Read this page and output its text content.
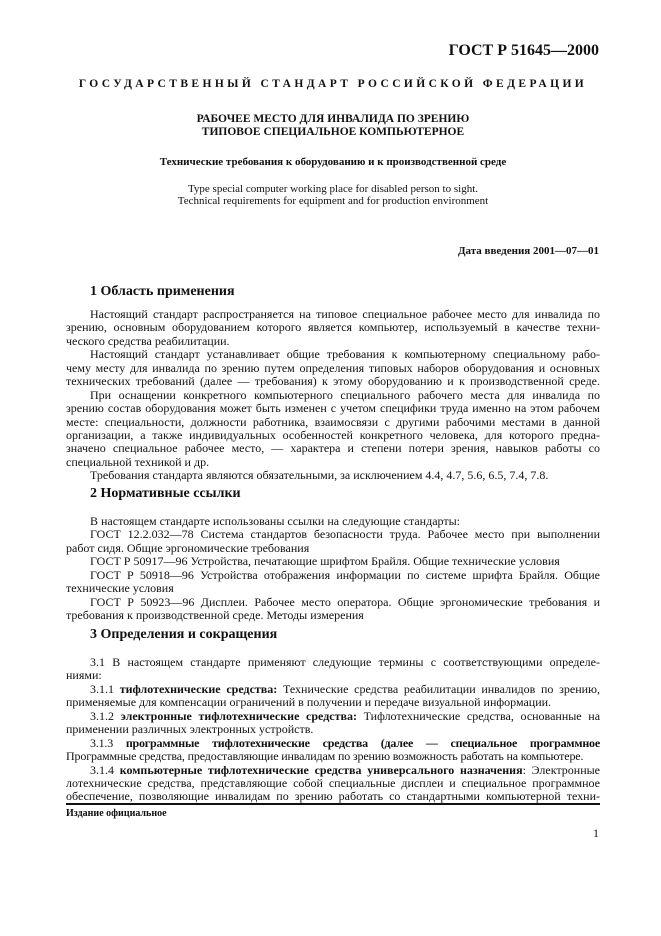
ГОСТ Р 51645—2000
ГОСУДАРСТВЕННЫЙ СТАНДАРТ РОССИЙСКОЙ ФЕДЕРАЦИИ
РАБОЧЕЕ МЕСТО ДЛЯ ИНВАЛИДА ПО ЗРЕНИЮ
ТИПОВОЕ СПЕЦИАЛЬНОЕ КОМПЬЮТЕРНОЕ
Технические требования к оборудованию и к производственной среде
Type special computer working place for disabled person to sight.
Technical requirements for equipment and for production environment
Дата введения 2001—07—01
1 Область применения
Настоящий стандарт распространяется на типовое специальное рабочее место для инвалида по
зрению, основным оборудованием которого является компьютер, используемый в качестве техни-
ческого средства реабилитации.
Настоящий стандарт устанавливает общие требования к компьютерному специальному рабо-
чему месту для инвалида по зрению путем определения типовых наборов оборудования и основных
технических требований (далее — требования) к этому оборудованию и к производственной среде.
При оснащении конкретного компьютерного специального рабочего места для инвалида по
зрению состав оборудования может быть изменен с учетом специфики труда именно на этом рабочем
месте: специальности, должности работника, взаимосвязи с другими рабочими местами в данной
организации, а также индивидуальных особенностей конкретного человека, для которого предна-
значено специальное рабочее место, — характера и степени потери зрения, навыков работы со
специальной техникой и др.
Требования стандарта являются обязательными, за исключением 4.4, 4.7, 5.6, 6.5, 7.4, 7.8.
2 Нормативные ссылки
В настоящем стандарте использованы ссылки на следующие стандарты:
ГОСТ 12.2.032—78 Система стандартов безопасности труда. Рабочее место при выполнении
работ сидя. Общие эргономические требования
ГОСТ Р 50917—96 Устройства, печатающие шрифтом Брайля. Общие технические условия
ГОСТ Р 50918—96 Устройства отображения информации по системе шрифта Брайля. Общие
технические условия
ГОСТ Р 50923—96 Дисплеи. Рабочее место оператора. Общие эргономические требования и
требования к производственной среде. Методы измерения
3 Определения и сокращения
3.1 В настоящем стандарте применяют следующие термины с соответствующими определе-
ниями:
3.1.1 тифлотехнические средства: Технические средства реабилитации инвалидов по зрению,
применяемые для компенсации ограничений в получении и передаче визуальной информации.
3.1.2 электронные тифлотехнические средства: Тифлотехнические средства, основанные на
применении различных электронных устройств.
3.1.3 программные тифлотехнические средства (далее — специальное программное
Программные средства, предоставляющие инвалидам по зрению возможность работать на компьютере.
3.1.4 компьютерные тифлотехнические средства универсального назначения: Электронные
лотехнические средства, представляющие собой специальные дисплеи и специальное программное
обеспечение, позволяющие инвалидам по зрению работать со стандартными компьютерной техни-
Издание официальное
1
